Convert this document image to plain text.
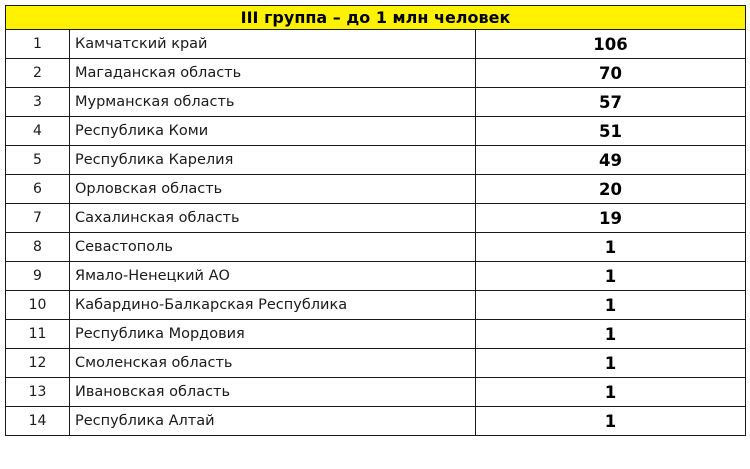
III группа – до 1 млн человек		
1	Камчатский край	106
2	Магаданская область	70
3	Мурманская область	57
4	Республика Коми	51
5	Республика Карелия	49
6	Орловская область	20
7	Сахалинская область	19
8	Севастополь	1
9	Ямало-Ненецкий АО	1
10	Кабардино-Балкарская Республика	1
11	Республика Мордовия	1
12	Смоленская область	1
13	Ивановская область	1
14	Республика Алтай	1
